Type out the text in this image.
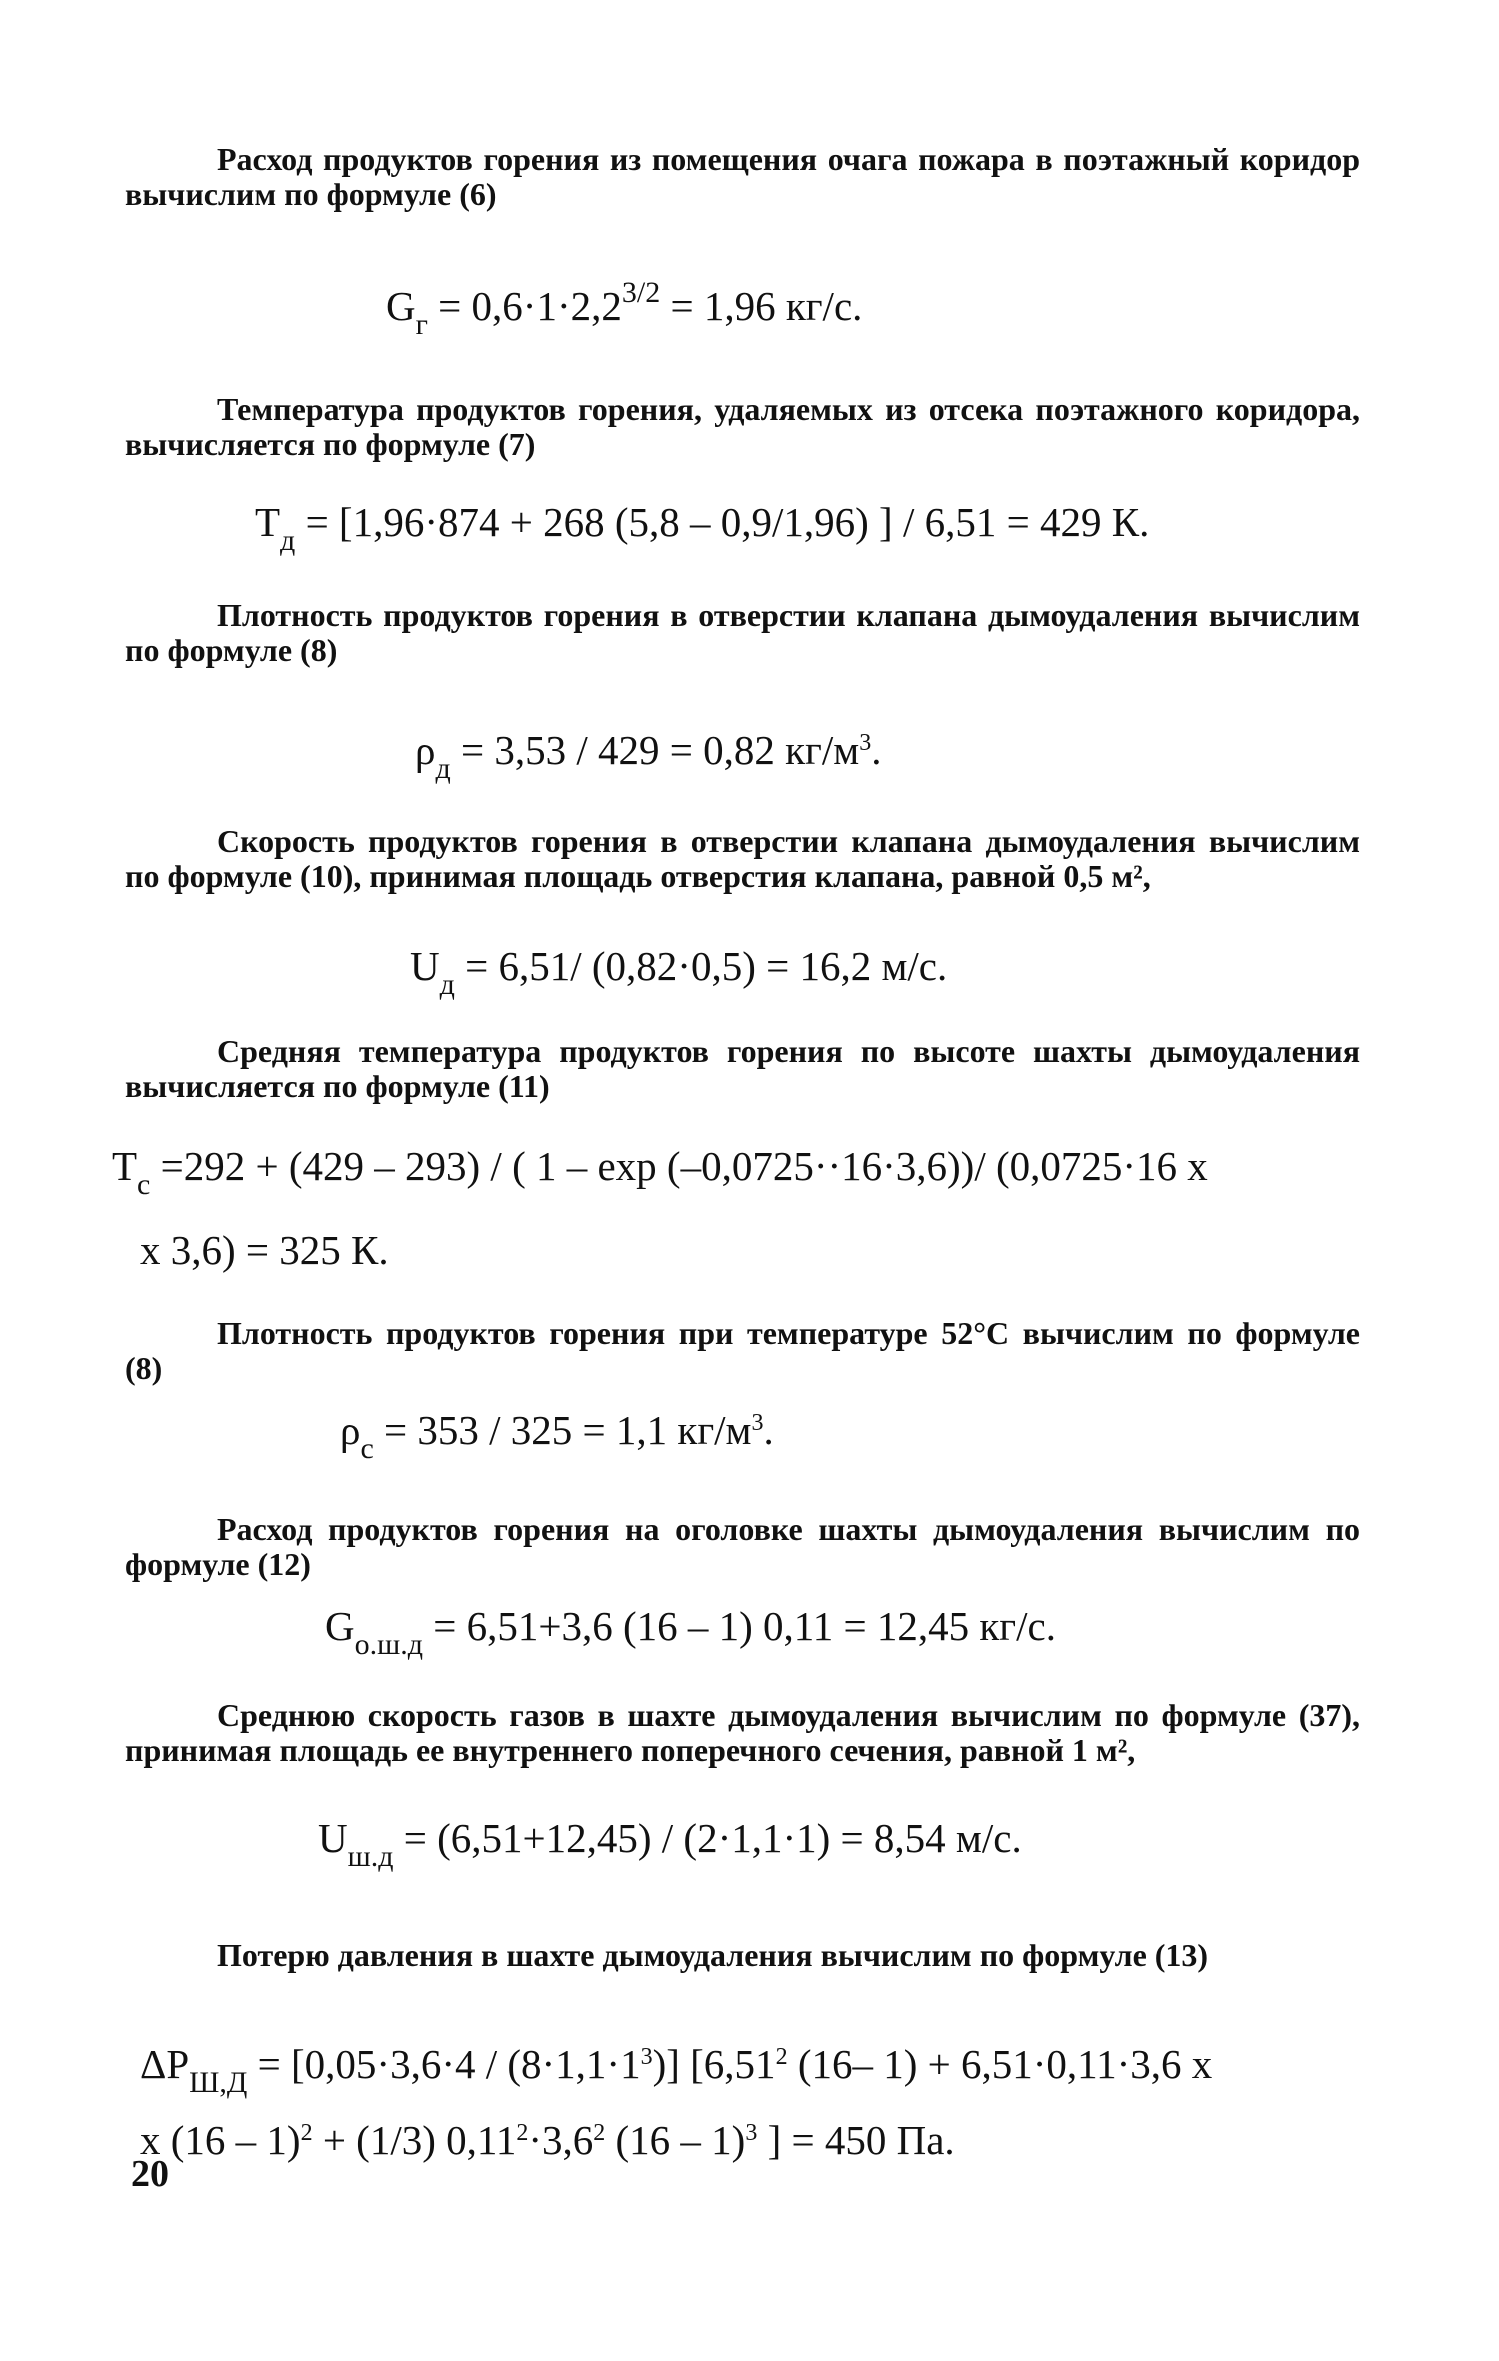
Расход продуктов горения из помещения очага пожара в поэтажный коридор вычислим по формуле (6)

$G_г = 0,6\cdot 1\cdot 2,2^{3/2} = 1,96$ кг/с.

Температура продуктов горения, удаляемых из отсека поэтажного коридора, вычисляется по формуле (7)

$T_д = [1,96\cdot 874 + 268$ (5,8 – 0,9/1,96) ] / 6,51 = 429 К.

Плотность продуктов горения в отверстии клапана дымоудаления вычислим по формуле (8)

$\rho_д = 3,53 / 429 = 0,82$ $кг/м^3$.

Скорость продуктов горения в отверстии клапана дымоудаления вычислим по формуле (10), принимая площадь отверстия клапана, равной 0,5 м²,

$U_д = 6,51/$ (0,82·0,5) = 16,2 м/с.

Средняя температура продуктов горения по высоте шахты дымоудаления вычисляется по формуле (11)

$T_с =292 + (429 - 293)$ / ( 1 – exp (–0,0725··16·3,6))/ (0,0725·16 х
х 3,6) = 325 К.

Плотность продуктов горения при температуре 52°С вычислим по формуле (8)

$\rho_с = 353 / 325 = 1,1$ $кг/м^3$.

Расход продуктов горения на оголовке шахты дымоудаления вычислим по формуле (12)

$G_{о.ш.д} = 6,51+3,6$ (16 – 1) 0,11 = 12,45 кг/с.

Среднюю скорость газов в шахте дымоудаления вычислим по формуле (37), принимая площадь ее внутреннего поперечного сечения, равной 1 м²,

$U_{ш.д} = (6,51+12,45) / (2\cdot 1,1\cdot 1) = 8,54$ м/с.

Потерю давления в шахте дымоудаления вычислим по формуле (13)

$\Delta P_{Ш,Д} = [0,05\cdot 3,6\cdot 4 / (8\cdot 1,1\cdot 1^3)]$ [6,51$^2$ (16– 1) + 6,51·0,11·3,6 х
х (16 – 1)$^2$ + (1/3) $0,11^2\cdot 3,6^2$ (16 – 1)$^3$ ] = 450 Па.
20
